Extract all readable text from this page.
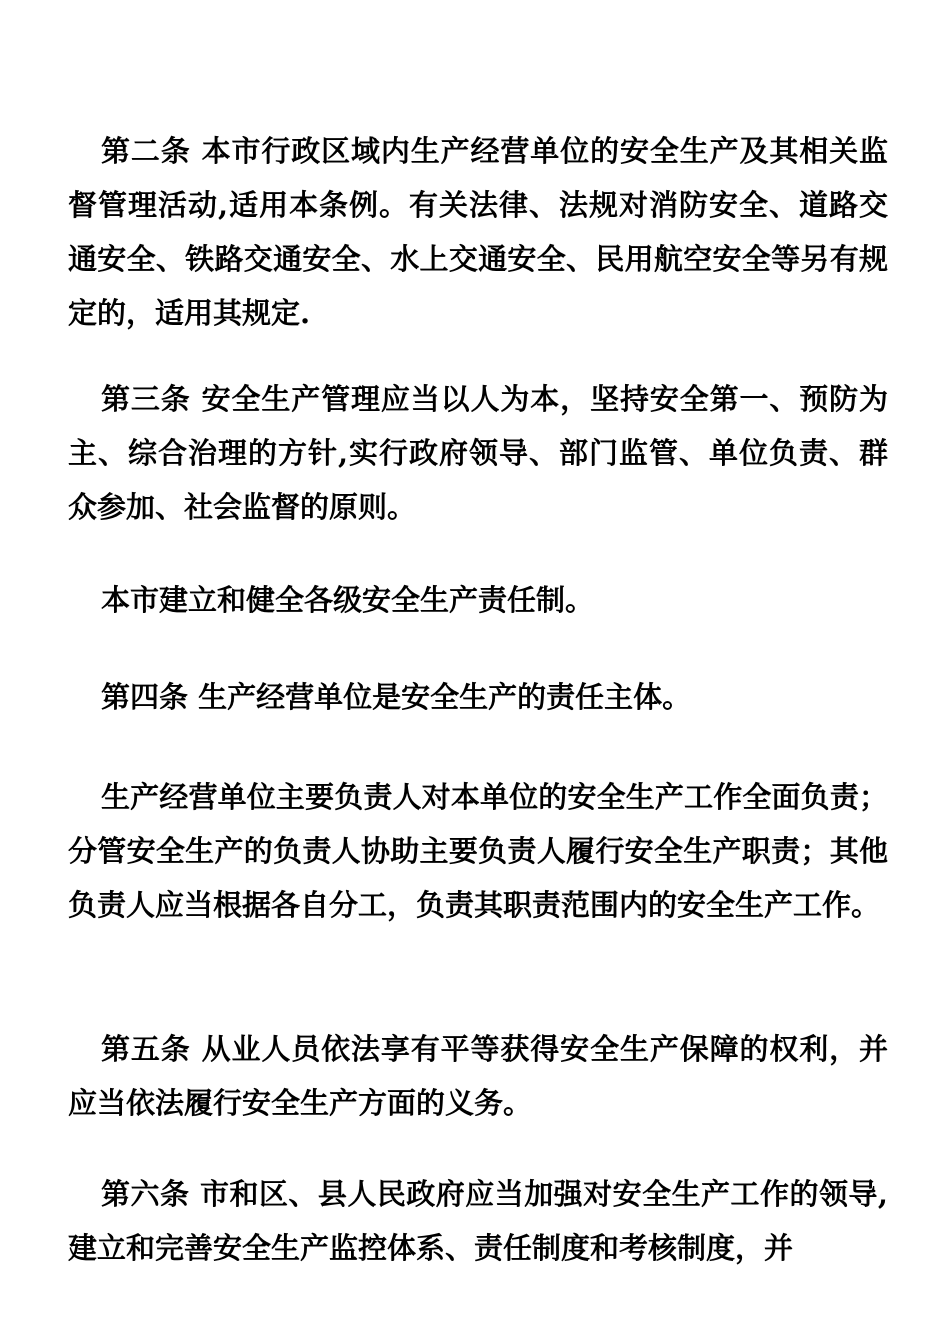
第二条 本市行政区域内生产经营单位的安全生产及其相关监督管理活动,适用本条例。有关法律、法规对消防安全、道路交通安全、铁路交通安全、水上交通安全、民用航空安全等另有规定的，适用其规定.

第三条 安全生产管理应当以人为本，坚持安全第一、预防为主、综合治理的方针,实行政府领导、部门监管、单位负责、群众参加、社会监督的原则。

本市建立和健全各级安全生产责任制。

第四条 生产经营单位是安全生产的责任主体。

生产经营单位主要负责人对本单位的安全生产工作全面负责；分管安全生产的负责人协助主要负责人履行安全生产职责；其他负责人应当根据各自分工，负责其职责范围内的安全生产工作。

第五条 从业人员依法享有平等获得安全生产保障的权利，并应当依法履行安全生产方面的义务。

第六条 市和区、县人民政府应当加强对安全生产工作的领导,建立和完善安全生产监控体系、责任制度和考核制度，并
